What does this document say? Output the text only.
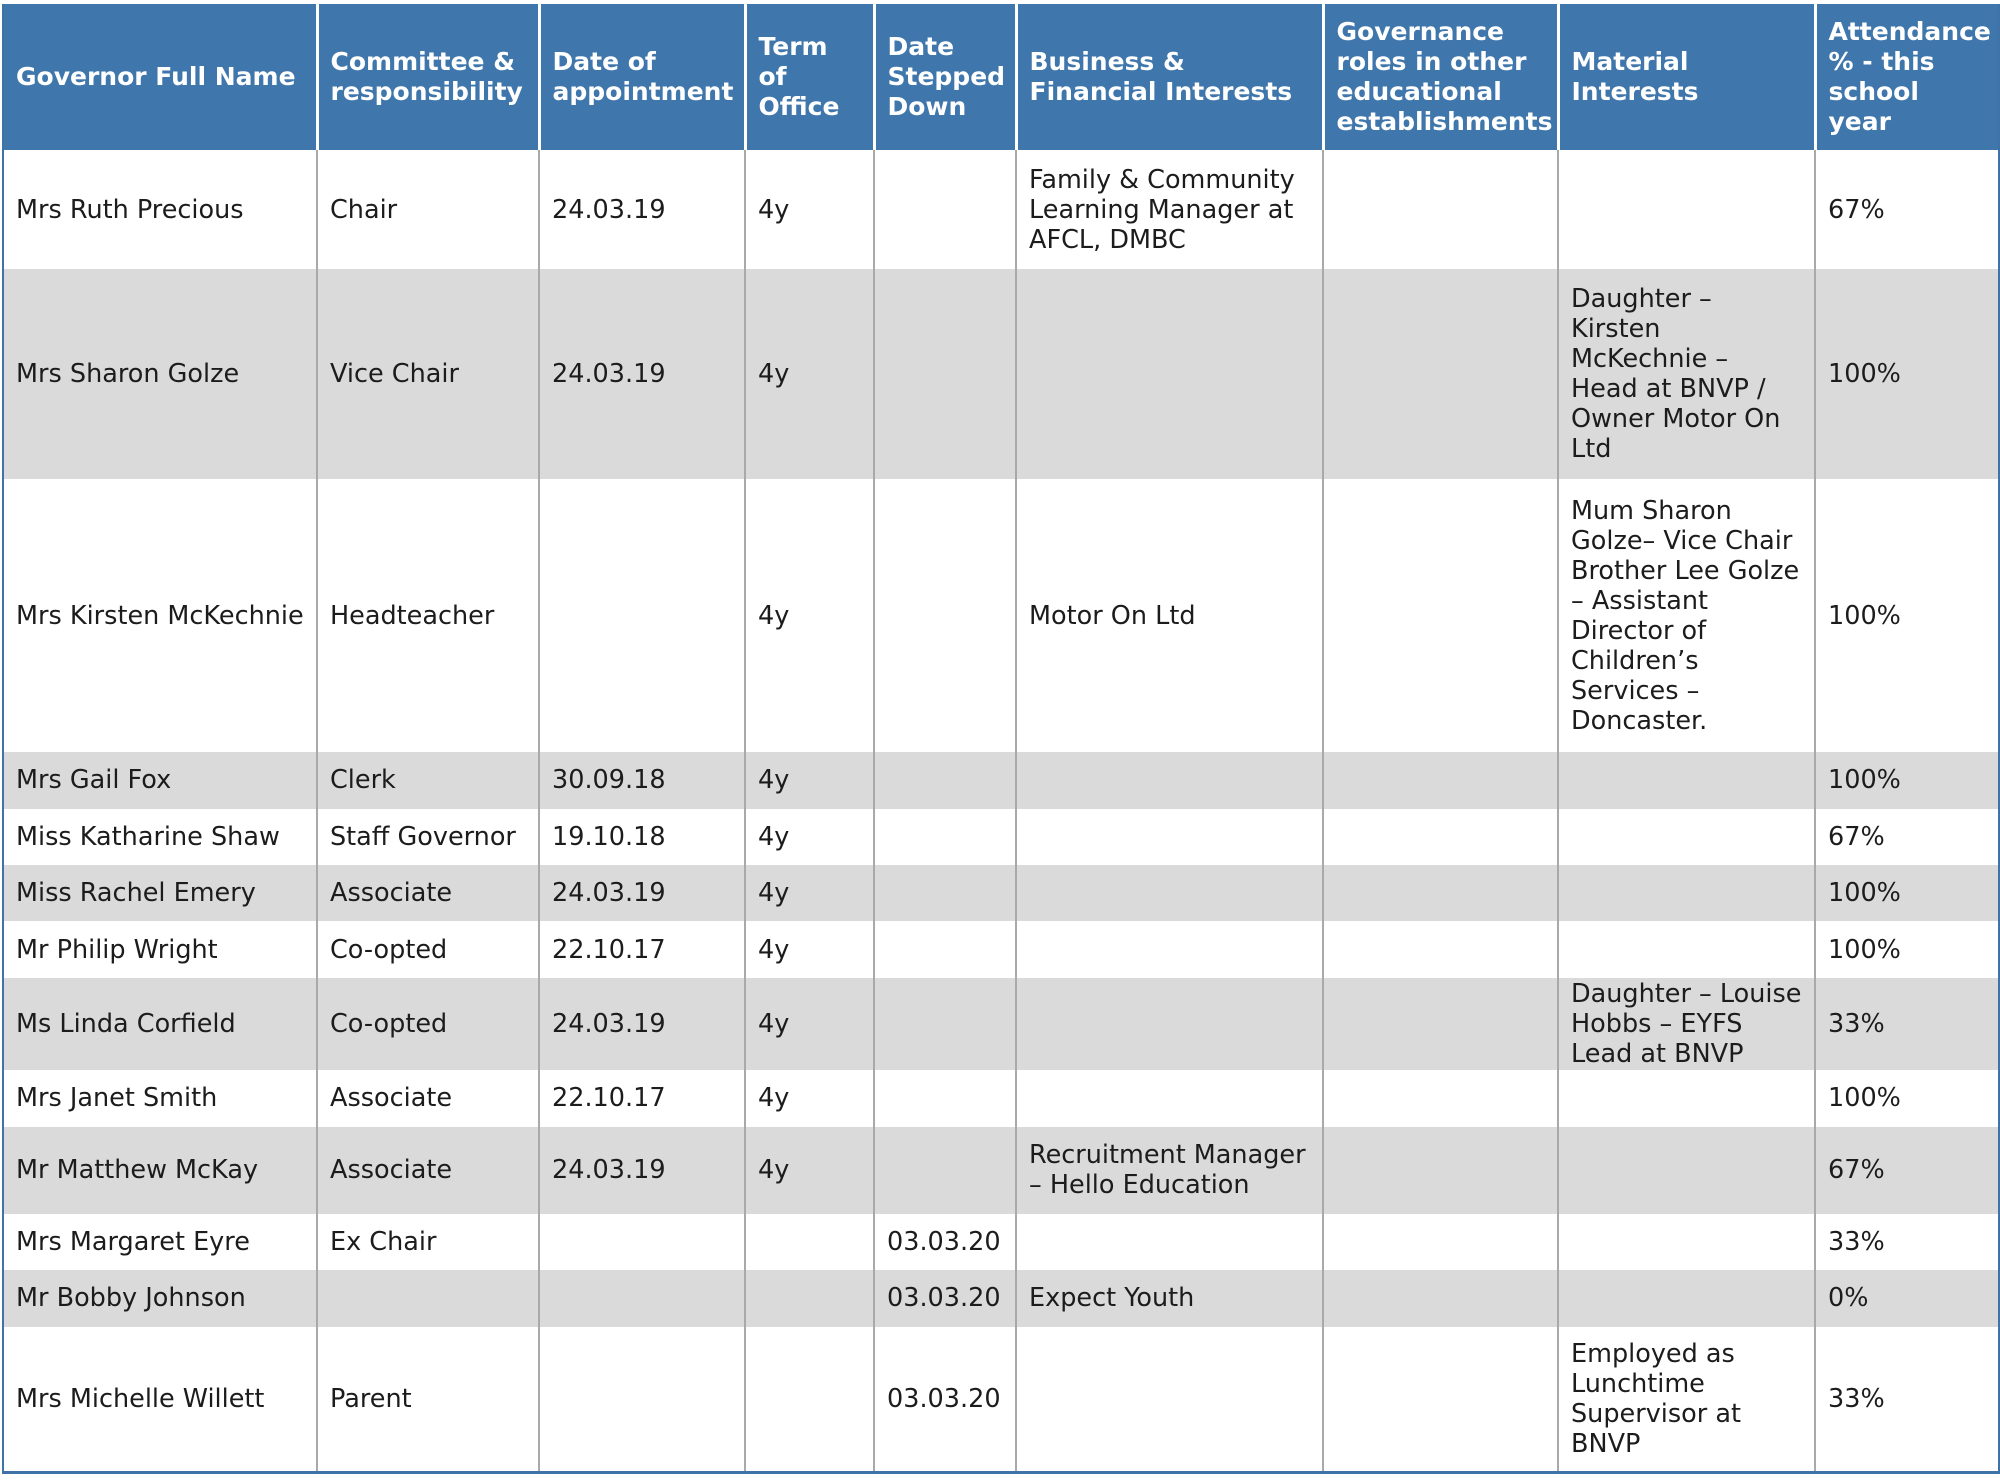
Governor Full Name	Committee & responsibility	Date of appointment	Term of Office	Date Stepped Down	Business & Financial Interests	Governance roles in other educational establishments	Material Interests	Attendance % - this school year
Mrs Ruth Precious	Chair	24.03.19	4y		Family & Community Learning Manager at AFCL, DMBC			67%
Mrs Sharon Golze	Vice Chair	24.03.19	4y				Daughter – Kirsten McKechnie – Head at BNVP / Owner Motor On Ltd	100%
Mrs Kirsten McKechnie	Headteacher		4y		Motor On Ltd		Mum Sharon Golze– Vice Chair Brother Lee Golze – Assistant Director of Children’s Services – Doncaster.	100%
Mrs Gail Fox	Clerk	30.09.18	4y					100%
Miss Katharine Shaw	Staff Governor	19.10.18	4y					67%
Miss Rachel Emery	Associate	24.03.19	4y					100%
Mr Philip Wright	Co-opted	22.10.17	4y					100%
Ms Linda Corfield	Co-opted	24.03.19	4y				Daughter – Louise Hobbs – EYFS Lead at BNVP	33%
Mrs Janet Smith	Associate	22.10.17	4y					100%
Mr Matthew McKay	Associate	24.03.19	4y		Recruitment Manager – Hello Education			67%
Mrs Margaret Eyre	Ex Chair			03.03.20				33%
Mr Bobby Johnson				03.03.20	Expect Youth			0%
Mrs Michelle Willett	Parent			03.03.20			Employed as Lunchtime Supervisor at BNVP	33%
